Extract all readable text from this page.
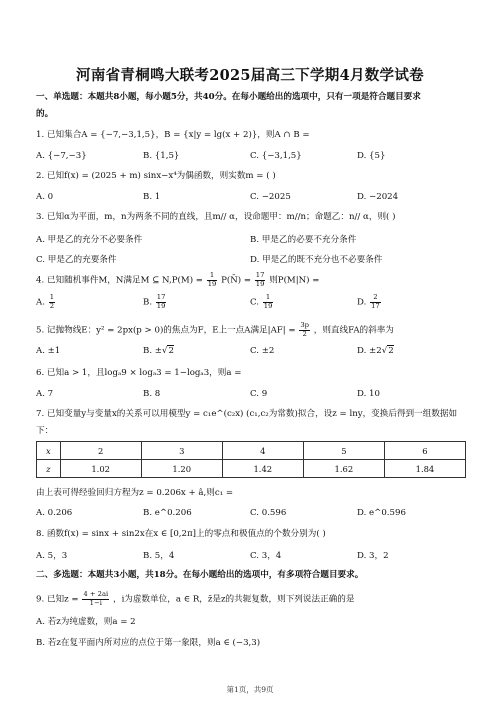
河南省青桐鸣大联考2025届高三下学期4月数学试卷
一、单选题：本题共8小题，每小题5分，共40分。在每小题给出的选项中，只有一项是符合题目要求
的。
1. 已知集合A = {−7,−3,1,5}，B = {x|y = lg(x + 2)}，则A ∩ B =
A. {−7,−3}	B. {1,5}	C. {−3,1,5}	D. {5}
2. 已知f(x) = (2025 + m) sinx−x⁴为偶函数，则实数m = ( )
A. 0	B. 1	C. −2025	D. −2024
3. 已知α为平面，m，n为两条不同的直线，且m// α，设命题甲：m//n；命题乙：n// α，则( )
A. 甲是乙的充分不必要条件	B. 甲是乙的必要不充分条件
C. 甲是乙的充要条件	D. 甲是乙的既不充分也不必要条件
4. 已知随机事件M，N满足M ⊆ $N,P(M) = \frac{1}{19}$ P(N̄) = $\frac{17}{19}$ 则P(M|N) =
A. $\frac{1}{2}$	B. $\frac{17}{19}$	C. $\frac{1}{19}$	D. $\frac{2}{17}$
5. 记抛物线E：y² = 2px(p > 0)的焦点为F，E上一点A满足$|AF| = \frac{3p}{2}$ ，则直线FA的斜率为
A. ±1	B. ±√2	C. ±2	D. ±2√2
6. 已知a > 1，且logₐ9 × logₐ3 = 1−logₐ3，则a =
A. 7	B. 8	C. 9	D. 10
7. 已知变量y与变量x的关系可以用模型y = c₁e^(c₂x) (c₁,c₂为常数)拟合，设z = lny，变换后得到一组数据如
下：
x	2	3	4	5	6
z	1.02	1.20	1.42	1.62	1.84
由上表可得经验回归方程为z = 0.206x + â,则c₁ =
A. 0.206	B. e^0.206	C. 0.596	D. e^0.596
8. 函数f(x) = sinx + sin2x在x ∈ [0,2π]上的零点和极值点的个数分别为( )
A. 5，3	B. 5，4	C. 3，4	D. 3，2
二、多选题：本题共3小题，共18分。在每小题给出的选项中，有多项符合题目要求。
9. 已知$z = \frac{4 + 2ai}{1-i}$ ，i为虚数单位，a ∈ R，z̄是z的共轭复数，则下列说法正确的是
A. 若z为纯虚数，则a = 2
B. 若z在复平面内所对应的点位于第一象限，则a ∈ (−3,3)
第1页，共9页
